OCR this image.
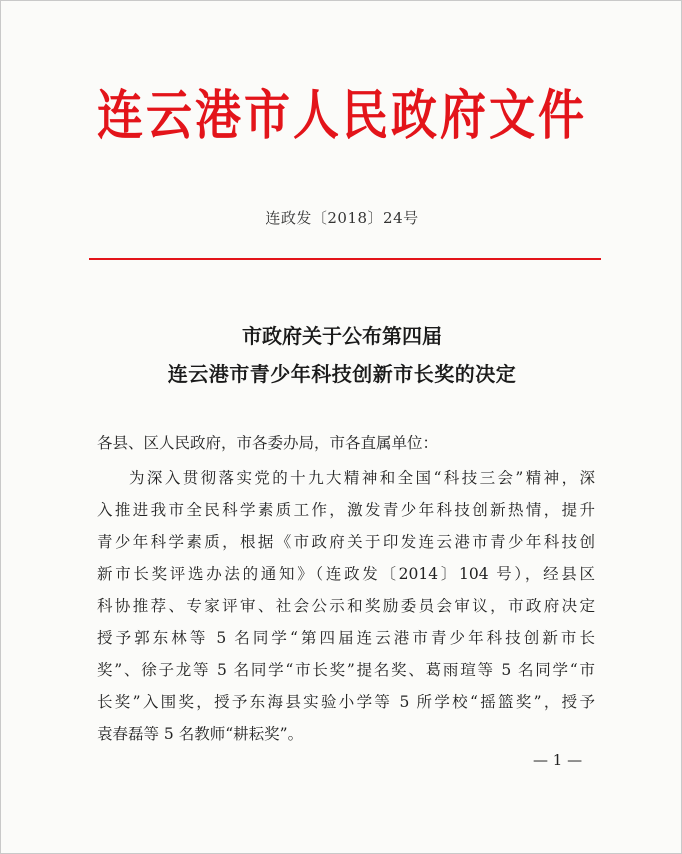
连云港市人民政府文件
连政发〔2018〕24号
市政府关于公布第四届
连云港市青少年科技创新市长奖的决定
各县、区人民政府，市各委办局，市各直属单位：
为深入贯彻落实党的十九大精神和全国“科技三会”精神，深
入推进我市全民科学素质工作，激发青少年科技创新热情，提升
青少年科学素质，根据《市政府关于印发连云港市青少年科技创
新市长奖评选办法的通知》（连政发〔2014〕104 号），经县区
科协推荐、专家评审、社会公示和奖励委员会审议，市政府决定
授予郭东林等 5 名同学“第四届连云港市青少年科技创新市长
奖”、徐子龙等 5 名同学“市长奖”提名奖、葛雨瑄等 5 名同学“市
长奖”入围奖，授予东海县实验小学等 5 所学校“摇篮奖”，授予
袁春磊等 5 名教师“耕耘奖”。
— 1 —
